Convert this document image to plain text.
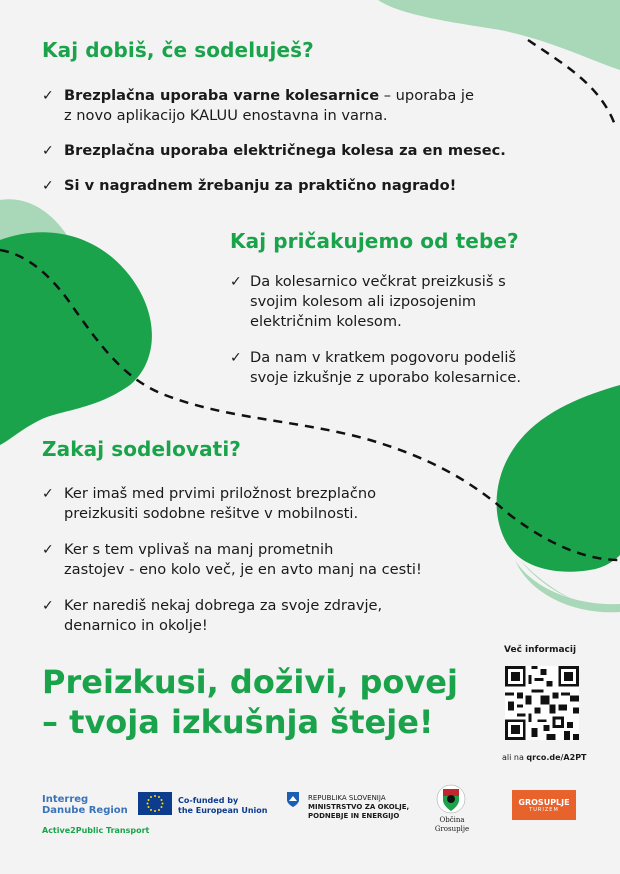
Kaj dobiš, če sodeluješ?
✓ Brezplačna uporaba varne kolesarnice – uporaba je
z novo aplikacijo KALUU enostavna in varna.
✓ Brezplačna uporaba električnega kolesa za en mesec.
✓ Si v nagradnem žrebanju za praktično nagrado!
Kaj pričakujemo od tebe?
✓ Da kolesarnico večkrat preizkusiš s
svojim kolesom ali izposojenim
električnim kolesom.
✓ Da nam v kratkem pogovoru podeliš
svoje izkušnje z uporabo kolesarnice.
Zakaj sodelovati?
✓ Ker imaš med prvimi priložnost brezplačno
preizkusiti sodobne rešitve v mobilnosti.
✓ Ker s tem vplivaš na manj prometnih
zastojev - eno kolo več, je en avto manj na cesti!
✓ Ker narediš nekaj dobrega za svoje zdravje,
denarnico in okolje!

Preizkusi, doživi, povej
– tvoja izkušnja šteje!

Več informacij
ali na qrco.de/A2PT
Interreg
Danube Region
Active2Public Transport
Co-funded by
the European Union
REPUBLIKA SLOVENIJA
MINISTRSTVO ZA OKOLJE,
PODNEBJE IN ENERGIJO	Občina
Grosuplje
GROSUPLJE
TURIZEM
